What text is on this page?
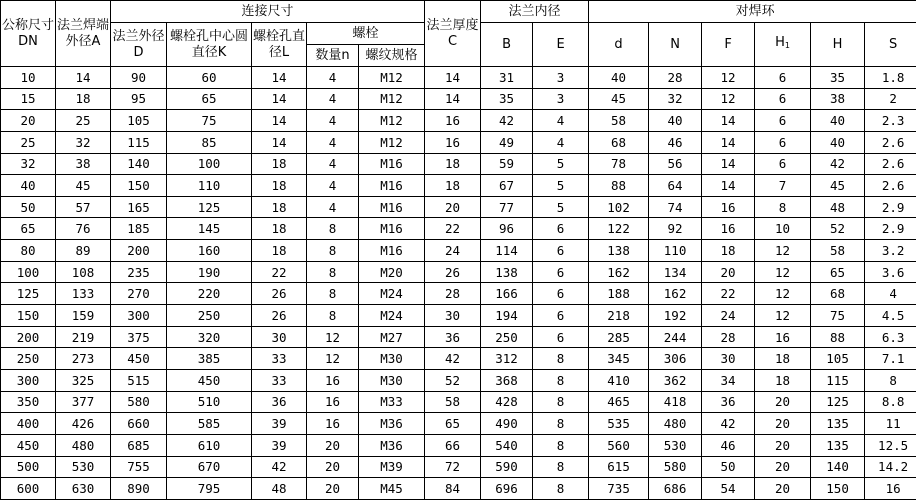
公称尺寸DN	法兰焊端外径A	连接尺寸					法兰厚度C	法兰内径		对焊环					
		法兰外径D	螺栓孔中心圆直径K	螺栓孔直径L	螺栓			B	E	d	N	F	$H_1$	H	S
					数量n	螺纹规格									
10	14	90	60	14	4	M12	14	31	3	40	28	12	6	35	1.8
15	18	95	65	14	4	M12	14	35	3	45	32	12	6	38	2
20	25	105	75	14	4	M12	16	42	4	58	40	14	6	40	2.3
25	32	115	85	14	4	M12	16	49	4	68	46	14	6	40	2.6
32	38	140	100	18	4	M16	18	59	5	78	56	14	6	42	2.6
40	45	150	110	18	4	M16	18	67	5	88	64	14	7	45	2.6
50	57	165	125	18	4	M16	20	77	5	102	74	16	8	48	2.9
65	76	185	145	18	8	M16	22	96	6	122	92	16	10	52	2.9
80	89	200	160	18	8	M16	24	114	6	138	110	18	12	58	3.2
100	108	235	190	22	8	M20	26	138	6	162	134	20	12	65	3.6
125	133	270	220	26	8	M24	28	166	6	188	162	22	12	68	4
150	159	300	250	26	8	M24	30	194	6	218	192	24	12	75	4.5
200	219	375	320	30	12	M27	36	250	6	285	244	28	16	88	6.3
250	273	450	385	33	12	M30	42	312	8	345	306	30	18	105	7.1
300	325	515	450	33	16	M30	52	368	8	410	362	34	18	115	8
350	377	580	510	36	16	M33	58	428	8	465	418	36	20	125	8.8
400	426	660	585	39	16	M36	65	490	8	535	480	42	20	135	11
450	480	685	610	39	20	M36	66	540	8	560	530	46	20	135	12.5
500	530	755	670	42	20	M39	72	590	8	615	580	50	20	140	14.2
600	630	890	795	48	20	M45	84	696	8	735	686	54	20	150	16
